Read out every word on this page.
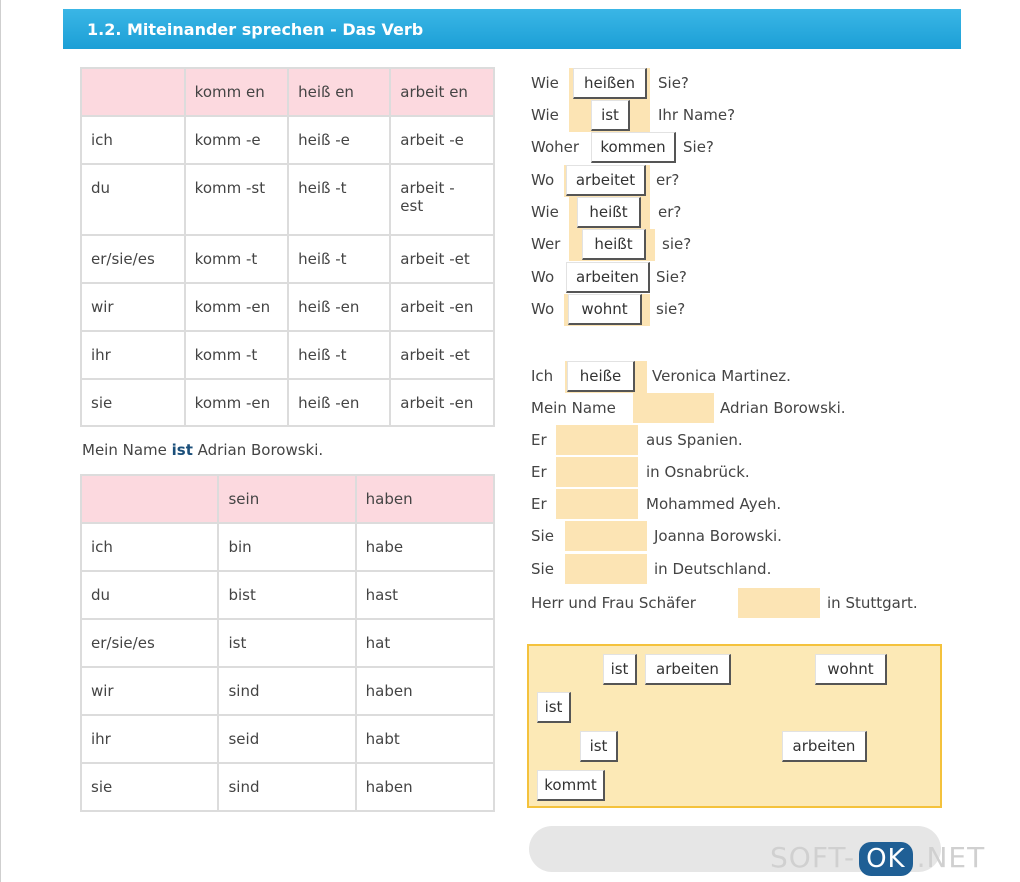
1.2. Miteinander sprechen - Das Verb
	komm en	heiß en	arbeit en
ich	komm -e	heiß -e	arbeit -e
du	komm -st	heiß -t	arbeit - est
er/sie/es	komm -t	heiß -t	arbeit -et
wir	komm -en	heiß -en	arbeit -en
ihr	komm -t	heiß -t	arbeit -et
sie	komm -en	heiß -en	arbeit -en
Mein Name ist Adrian Borowski.
	sein	haben
ich	bin	habe
du	bist	hast
er/sie/es	ist	hat
wir	sind	haben
ihr	seid	habt
sie	sind	haben
Wie	heißen	Sie?
Wie	ist	Ihr Name?
Woher	kommen	Sie?
Wo	arbeitet	er?
Wie	heißt	er?
Wer	heißt	sie?
Wo	arbeiten	Sie?
Wo	wohnt	sie?
Ich	heiße	Veronica Martinez.
Mein Name	Adrian Borowski.
Er	aus Spanien.
Er	in Osnabrück.
Er	Mohammed Ayeh.
Sie	Joanna Borowski.
Sie	in Deutschland.
Herr und Frau Schäfer	in Stuttgart.
ist	arbeiten	wohnt
ist
ist	arbeiten
kommt
SOFT- OK .NET
